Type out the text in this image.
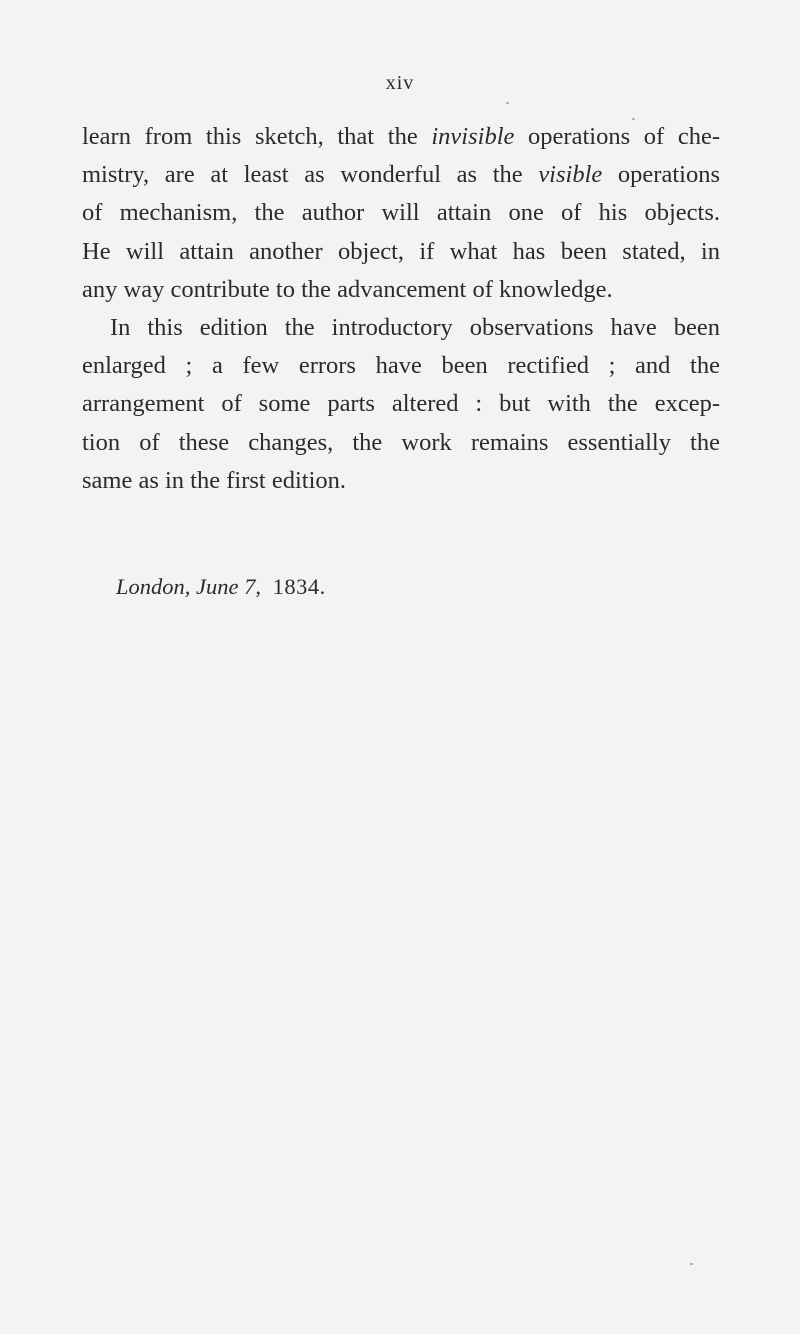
xiv
learn from this sketch, that the invisible operations of che-
mistry, are at least as wonderful as the visible operations
of mechanism, the author will attain one of his objects.
He will attain another object, if what has been stated, in
any way contribute to the advancement of knowledge.
In this edition the introductory observations have been
enlarged ; a few errors have been rectified ; and the
arrangement of some parts altered : but with the excep-
tion of these changes, the work remains essentially the
same as in the first edition.
London, June 7, 1834.
